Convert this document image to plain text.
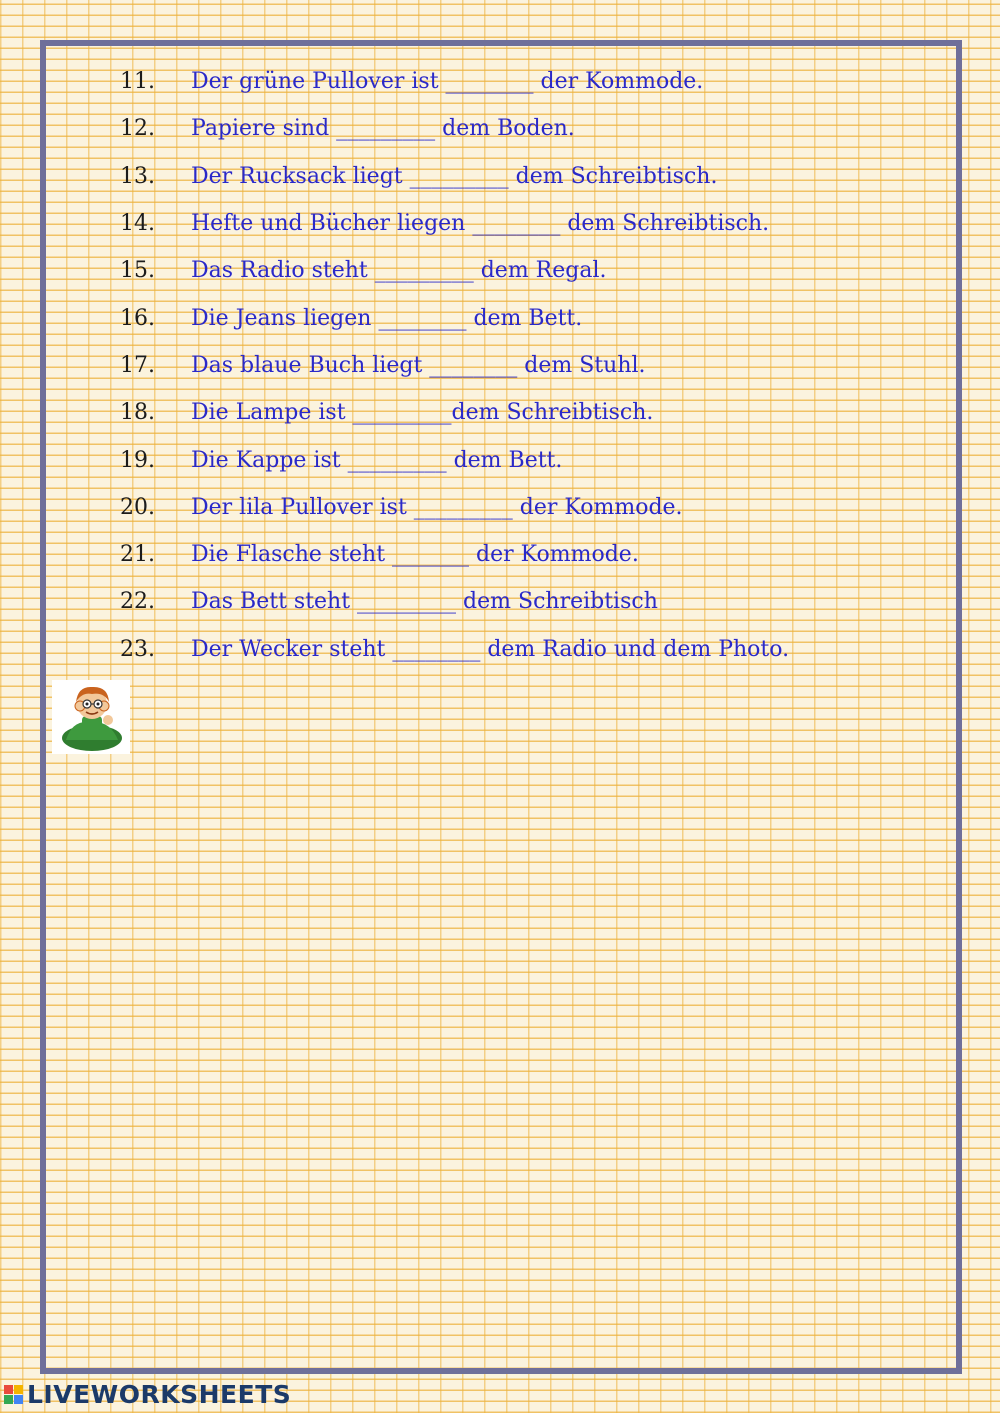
11.	Der grüne Pullover ist ________ der Kommode.
12.	Papiere sind _________ dem Boden.
13.	Der Rucksack liegt _________ dem Schreibtisch.
14.	Hefte und Bücher liegen ________ dem Schreibtisch.
15.	Das Radio steht _________ dem Regal.
16.	Die Jeans liegen ________ dem Bett.
17.	Das blaue Buch liegt ________ dem Stuhl.
18.	Die Lampe ist _________dem Schreibtisch.
19.	Die Kappe ist _________ dem Bett.
20.	Der lila Pullover ist _________ der Kommode.
21.	Die Flasche steht _______ der Kommode.
22.	Das Bett steht _________ dem Schreibtisch
23.	Der Wecker steht ________ dem Radio und dem Photo.
LIVEWORKSHEETS
